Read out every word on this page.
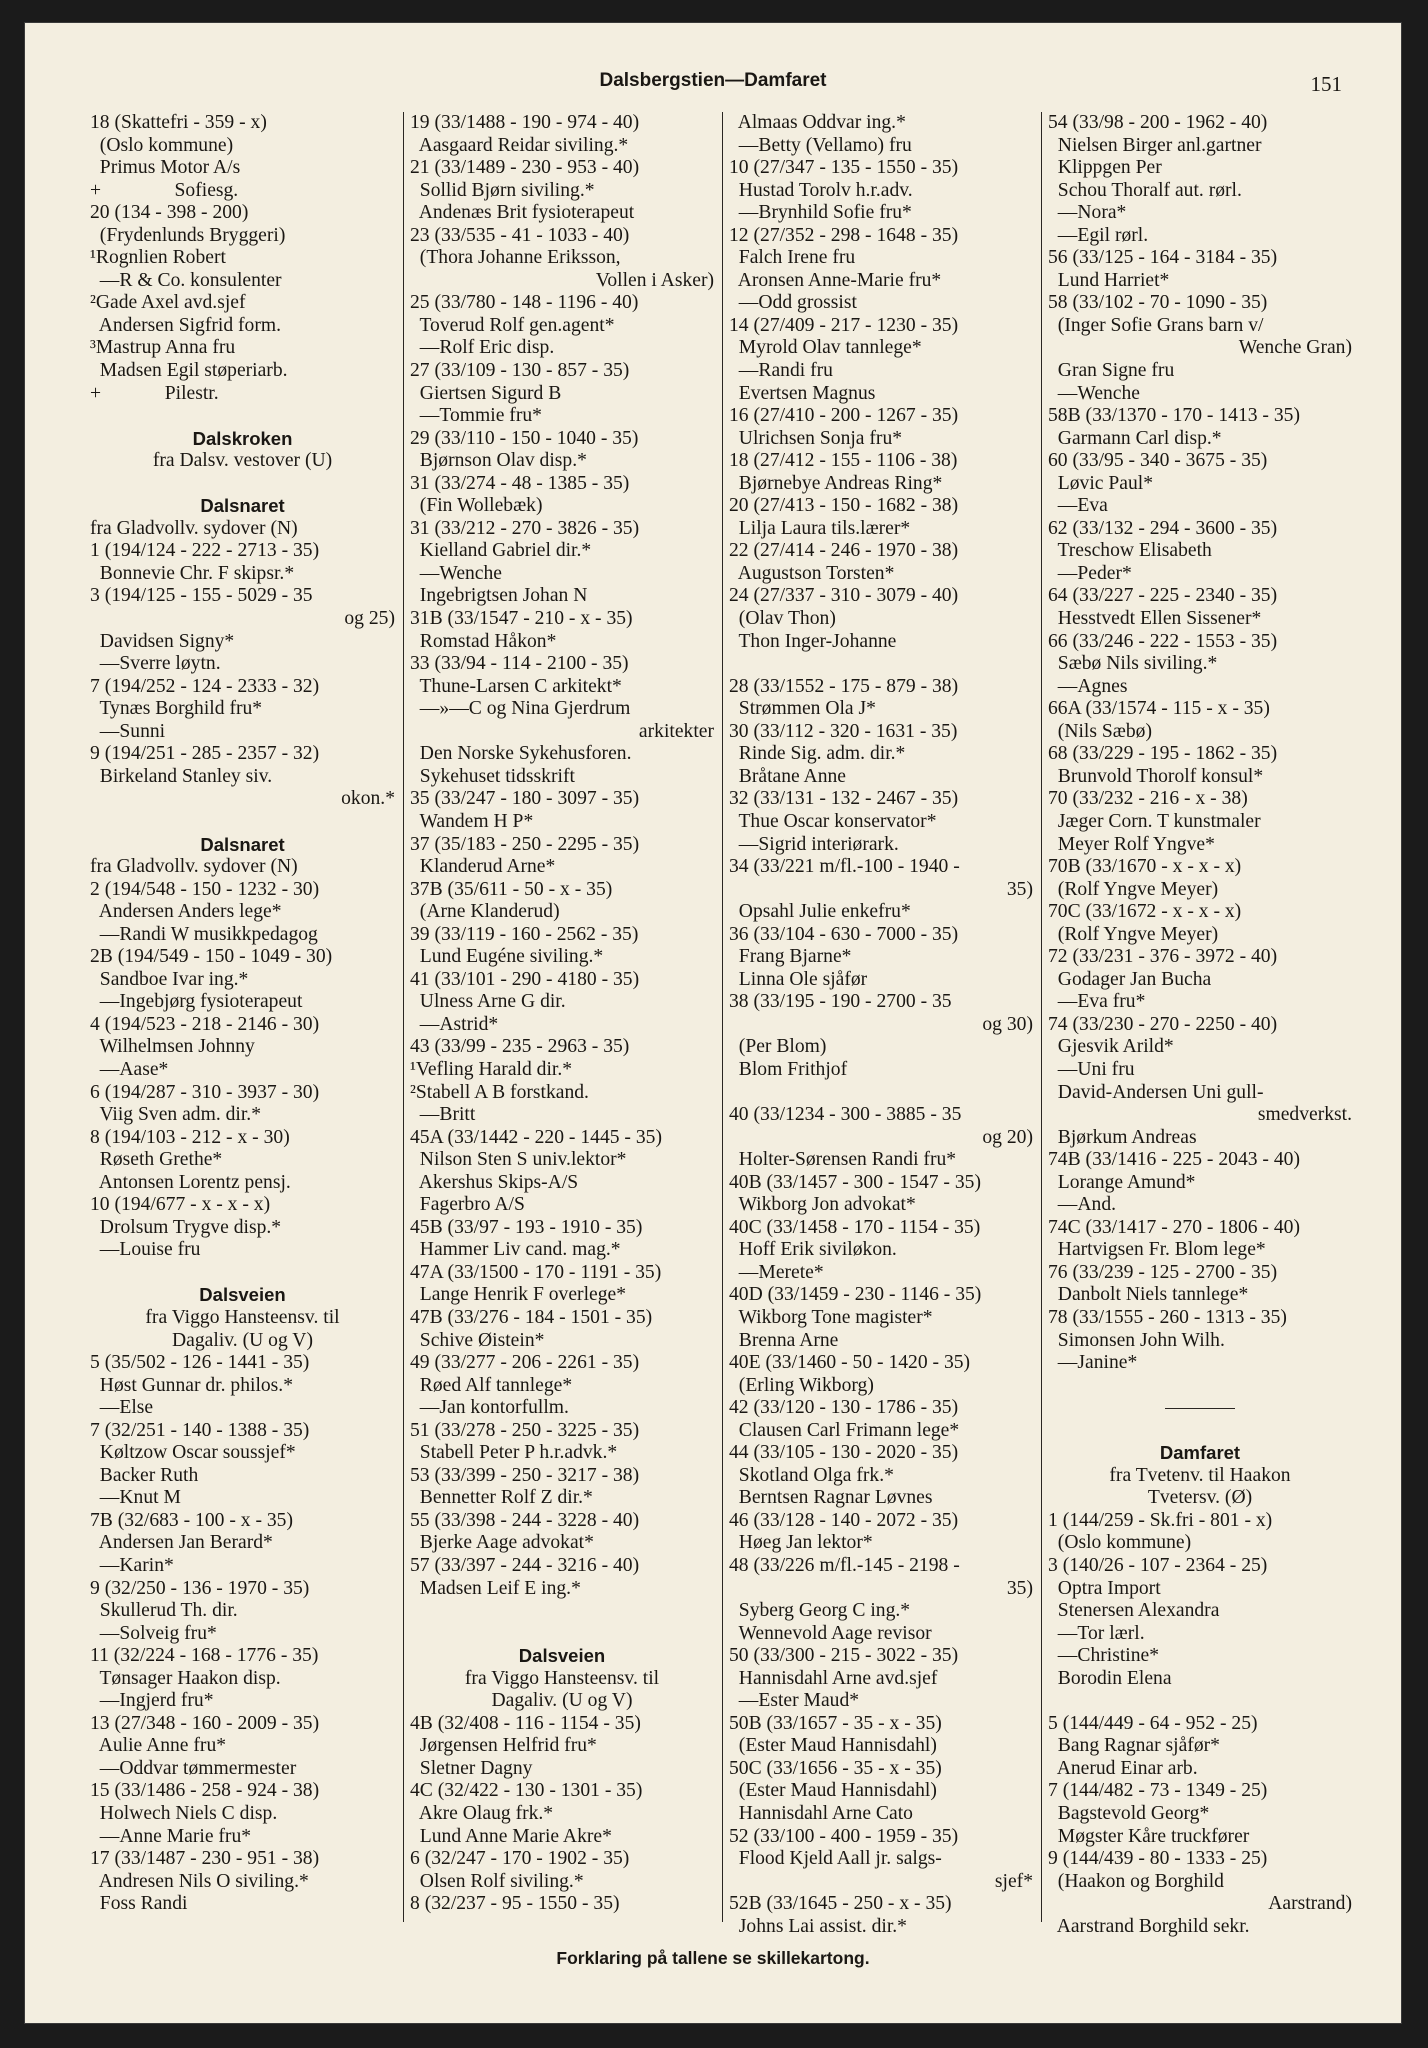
Dalsbergstien—Damfaret	151
18 (Skattefri - 359 - x)
(Oslo kommune)
Primus Motor A/s
+               Sofiesg.
20 (134 - 398 - 200)
(Frydenlunds Bryggeri)
¹Rognlien Robert
—R & Co. konsulenter
²Gade Axel avd.sjef
Andersen Sigfrid form.
³Mastrup Anna fru
Madsen Egil støperiarb.
+             Pilestr.
Dalskroken
fra Dalsv. vestover (U)
Dalsnaret
fra Gladvollv. sydover (N)
1 (194/124 - 222 - 2713 - 35)
Bonnevie Chr. F skipsr.*
3 (194/125 - 155 - 5029 - 35
og 25)
Davidsen Signy*
—Sverre løytn.
7 (194/252 - 124 - 2333 - 32)
Tynæs Borghild fru*
—Sunni
9 (194/251 - 285 - 2357 - 32)
Birkeland Stanley siv.
okon.*
Dalsnaret
fra Gladvollv. sydover (N)
2 (194/548 - 150 - 1232 - 30)
Andersen Anders lege*
—Randi W musikkpedagog
2B (194/549 - 150 - 1049 - 30)
Sandboe Ivar ing.*
—Ingebjørg fysioterapeut
4 (194/523 - 218 - 2146 - 30)
Wilhelmsen Johnny
—Aase*
6 (194/287 - 310 - 3937 - 30)
Viig Sven adm. dir.*
8 (194/103 - 212 - x - 30)
Røseth Grethe*
Antonsen Lorentz pensj.
10 (194/677 - x - x - x)
Drolsum Trygve disp.*
—Louise fru
Dalsveien
fra Viggo Hansteensv. til
Dagaliv. (U og V)
5 (35/502 - 126 - 1441 - 35)
Høst Gunnar dr. philos.*
—Else
7 (32/251 - 140 - 1388 - 35)
Køltzow Oscar soussjef*
Backer Ruth
—Knut M
7B (32/683 - 100 - x - 35)
Andersen Jan Berard*
—Karin*
9 (32/250 - 136 - 1970 - 35)
Skullerud Th. dir.
—Solveig fru*
11 (32/224 - 168 - 1776 - 35)
Tønsager Haakon disp.
—Ingjerd fru*
13 (27/348 - 160 - 2009 - 35)
Aulie Anne fru*
—Oddvar tømmermester
15 (33/1486 - 258 - 924 - 38)
Holwech Niels C disp.
—Anne Marie fru*
17 (33/1487 - 230 - 951 - 38)
Andresen Nils O siviling.*
Foss Randi
19 (33/1488 - 190 - 974 - 40)
Aasgaard Reidar siviling.*
21 (33/1489 - 230 - 953 - 40)
Sollid Bjørn siviling.*
Andenæs Brit fysioterapeut
23 (33/535 - 41 - 1033 - 40)
(Thora Johanne Eriksson,
Vollen i Asker)
25 (33/780 - 148 - 1196 - 40)
Toverud Rolf gen.agent*
—Rolf Eric disp.
27 (33/109 - 130 - 857 - 35)
Giertsen Sigurd B
—Tommie fru*
29 (33/110 - 150 - 1040 - 35)
Bjørnson Olav disp.*
31 (33/274 - 48 - 1385 - 35)
(Fin Wollebæk)
31 (33/212 - 270 - 3826 - 35)
Kielland Gabriel dir.*
—Wenche
Ingebrigtsen Johan N
31B (33/1547 - 210 - x - 35)
Romstad Håkon*
33 (33/94 - 114 - 2100 - 35)
Thune-Larsen C arkitekt*
—»—C og Nina Gjerdrum
arkitekter
Den Norske Sykehusforen.
Sykehuset tidsskrift
35 (33/247 - 180 - 3097 - 35)
Wandem H P*
37 (35/183 - 250 - 2295 - 35)
Klanderud Arne*
37B (35/611 - 50 - x - 35)
(Arne Klanderud)
39 (33/119 - 160 - 2562 - 35)
Lund Eugéne siviling.*
41 (33/101 - 290 - 4180 - 35)
Ulness Arne G dir.
—Astrid*
43 (33/99 - 235 - 2963 - 35)
¹Vefling Harald dir.*
²Stabell A B forstkand.
—Britt
45A (33/1442 - 220 - 1445 - 35)
Nilson Sten S univ.lektor*
Akershus Skips-A/S
Fagerbro A/S
45B (33/97 - 193 - 1910 - 35)
Hammer Liv cand. mag.*
47A (33/1500 - 170 - 1191 - 35)
Lange Henrik F overlege*
47B (33/276 - 184 - 1501 - 35)
Schive Øistein*
49 (33/277 - 206 - 2261 - 35)
Røed Alf tannlege*
—Jan kontorfullm.
51 (33/278 - 250 - 3225 - 35)
Stabell Peter P h.r.advk.*
53 (33/399 - 250 - 3217 - 38)
Bennetter Rolf Z dir.*
55 (33/398 - 244 - 3228 - 40)
Bjerke Aage advokat*
57 (33/397 - 244 - 3216 - 40)
Madsen Leif E ing.*
Dalsveien
fra Viggo Hansteensv. til
Dagaliv. (U og V)
4B (32/408 - 116 - 1154 - 35)
Jørgensen Helfrid fru*
Sletner Dagny
4C (32/422 - 130 - 1301 - 35)
Akre Olaug frk.*
Lund Anne Marie Akre*
6 (32/247 - 170 - 1902 - 35)
Olsen Rolf siviling.*
8 (32/237 - 95 - 1550 - 35)
Almaas Oddvar ing.*
—Betty (Vellamo) fru
10 (27/347 - 135 - 1550 - 35)
Hustad Torolv h.r.adv.
—Brynhild Sofie fru*
12 (27/352 - 298 - 1648 - 35)
Falch Irene fru
Aronsen Anne-Marie fru*
—Odd grossist
14 (27/409 - 217 - 1230 - 35)
Myrold Olav tannlege*
—Randi fru
Evertsen Magnus
16 (27/410 - 200 - 1267 - 35)
Ulrichsen Sonja fru*
18 (27/412 - 155 - 1106 - 38)
Bjørnebye Andreas Ring*
20 (27/413 - 150 - 1682 - 38)
Lilja Laura tils.lærer*
22 (27/414 - 246 - 1970 - 38)
Augustson Torsten*
24 (27/337 - 310 - 3079 - 40)
(Olav Thon)
Thon Inger-Johanne
28 (33/1552 - 175 - 879 - 38)
Strømmen Ola J*
30 (33/112 - 320 - 1631 - 35)
Rinde Sig. adm. dir.*
Bråtane Anne
32 (33/131 - 132 - 2467 - 35)
Thue Oscar konservator*
—Sigrid interiørark.
34 (33/221 m/fl.-100 - 1940 -
35)
Opsahl Julie enkefru*
36 (33/104 - 630 - 7000 - 35)
Frang Bjarne*
Linna Ole sjåfør
38 (33/195 - 190 - 2700 - 35
og 30)
(Per Blom)
Blom Frithjof
40 (33/1234 - 300 - 3885 - 35
og 20)
Holter-Sørensen Randi fru*
40B (33/1457 - 300 - 1547 - 35)
Wikborg Jon advokat*
40C (33/1458 - 170 - 1154 - 35)
Hoff Erik siviløkon.
—Merete*
40D (33/1459 - 230 - 1146 - 35)
Wikborg Tone magister*
Brenna Arne
40E (33/1460 - 50 - 1420 - 35)
(Erling Wikborg)
42 (33/120 - 130 - 1786 - 35)
Clausen Carl Frimann lege*
44 (33/105 - 130 - 2020 - 35)
Skotland Olga frk.*
Berntsen Ragnar Løvnes
46 (33/128 - 140 - 2072 - 35)
Høeg Jan lektor*
48 (33/226 m/fl.-145 - 2198 -
35)
Syberg Georg C ing.*
Wennevold Aage revisor
50 (33/300 - 215 - 3022 - 35)
Hannisdahl Arne avd.sjef
—Ester Maud*
50B (33/1657 - 35 - x - 35)
(Ester Maud Hannisdahl)
50C (33/1656 - 35 - x - 35)
(Ester Maud Hannisdahl)
Hannisdahl Arne Cato
52 (33/100 - 400 - 1959 - 35)
Flood Kjeld Aall jr. salgs-
sjef*
52B (33/1645 - 250 - x - 35)
Johns Lai assist. dir.*
54 (33/98 - 200 - 1962 - 40)
Nielsen Birger anl.gartner
Klippgen Per
Schou Thoralf aut. rørl.
—Nora*
—Egil rørl.
56 (33/125 - 164 - 3184 - 35)
Lund Harriet*
58 (33/102 - 70 - 1090 - 35)
(Inger Sofie Grans barn v/
Wenche Gran)
Gran Signe fru
—Wenche
58B (33/1370 - 170 - 1413 - 35)
Garmann Carl disp.*
60 (33/95 - 340 - 3675 - 35)
Løvic Paul*
—Eva
62 (33/132 - 294 - 3600 - 35)
Treschow Elisabeth
—Peder*
64 (33/227 - 225 - 2340 - 35)
Hesstvedt Ellen Sissener*
66 (33/246 - 222 - 1553 - 35)
Sæbø Nils siviling.*
—Agnes
66A (33/1574 - 115 - x - 35)
(Nils Sæbø)
68 (33/229 - 195 - 1862 - 35)
Brunvold Thorolf konsul*
70 (33/232 - 216 - x - 38)
Jæger Corn. T kunstmaler
Meyer Rolf Yngve*
70B (33/1670 - x - x - x)
(Rolf Yngve Meyer)
70C (33/1672 - x - x - x)
(Rolf Yngve Meyer)
72 (33/231 - 376 - 3972 - 40)
Godager Jan Bucha
—Eva fru*
74 (33/230 - 270 - 2250 - 40)
Gjesvik Arild*
—Uni fru
David-Andersen Uni gull-
smedverkst.
Bjørkum Andreas
74B (33/1416 - 225 - 2043 - 40)
Lorange Amund*
—And.
74C (33/1417 - 270 - 1806 - 40)
Hartvigsen Fr. Blom lege*
76 (33/239 - 125 - 2700 - 35)
Danbolt Niels tannlege*
78 (33/1555 - 260 - 1313 - 35)
Simonsen John Wilh.
—Janine*
Damfaret
fra Tvetenv. til Haakon
Tvetersv. (Ø)
1 (144/259 - Sk.fri - 801 - x)
(Oslo kommune)
3 (140/26 - 107 - 2364 - 25)
Optra Import
Stenersen Alexandra
—Tor lærl.
—Christine*
Borodin Elena
5 (144/449 - 64 - 952 - 25)
Bang Ragnar sjåfør*
Anerud Einar arb.
7 (144/482 - 73 - 1349 - 25)
Bagstevold Georg*
Møgster Kåre truckfører
9 (144/439 - 80 - 1333 - 25)
(Haakon og Borghild
Aarstrand)
Aarstrand Borghild sekr.
Forklaring på tallene se skillekartong.
